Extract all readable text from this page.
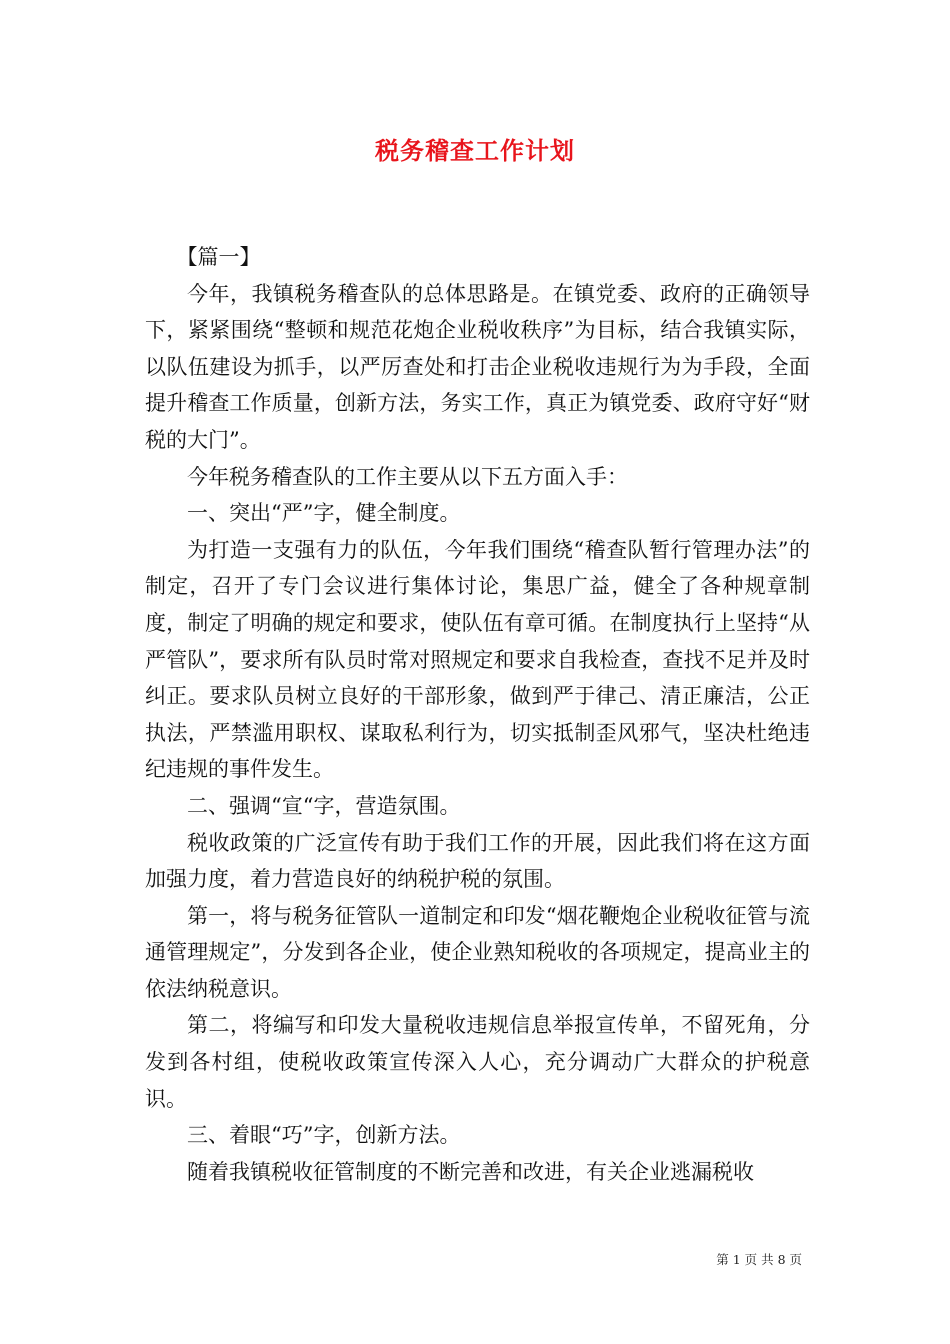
税务稽查工作计划

【篇一】

今年，我镇税务稽查队的总体思路是。在镇党委、政府的正确领导下，紧紧围绕“整顿和规范花炮企业税收秩序”为目标，结合我镇实际，以队伍建设为抓手，以严厉查处和打击企业税收违规行为为手段，全面提升稽查工作质量，创新方法，务实工作，真正为镇党委、政府守好“财税的大门”。

今年税务稽查队的工作主要从以下五方面入手：

一、突出“严”字，健全制度。

为打造一支强有力的队伍，今年我们围绕“稽查队暂行管理办法”的制定，召开了专门会议进行集体讨论，集思广益，健全了各种规章制度，制定了明确的规定和要求，使队伍有章可循。在制度执行上坚持“从严管队”，要求所有队员时常对照规定和要求自我检查，查找不足并及时纠正。要求队员树立良好的干部形象，做到严于律己、清正廉洁，公正执法，严禁滥用职权、谋取私利行为，切实抵制歪风邪气，坚决杜绝违纪违规的事件发生。

二、强调“宣“字，营造氛围。

税收政策的广泛宣传有助于我们工作的开展，因此我们将在这方面加强力度，着力营造良好的纳税护税的氛围。

第一，将与税务征管队一道制定和印发“烟花鞭炮企业税收征管与流通管理规定”，分发到各企业，使企业熟知税收的各项规定，提高业主的依法纳税意识。

第二，将编写和印发大量税收违规信息举报宣传单，不留死角，分发到各村组，使税收政策宣传深入人心，充分调动广大群众的护税意识。

三、着眼“巧”字，创新方法。

随着我镇税收征管制度的不断完善和改进，有关企业逃漏税收

第 1 页 共 8 页
